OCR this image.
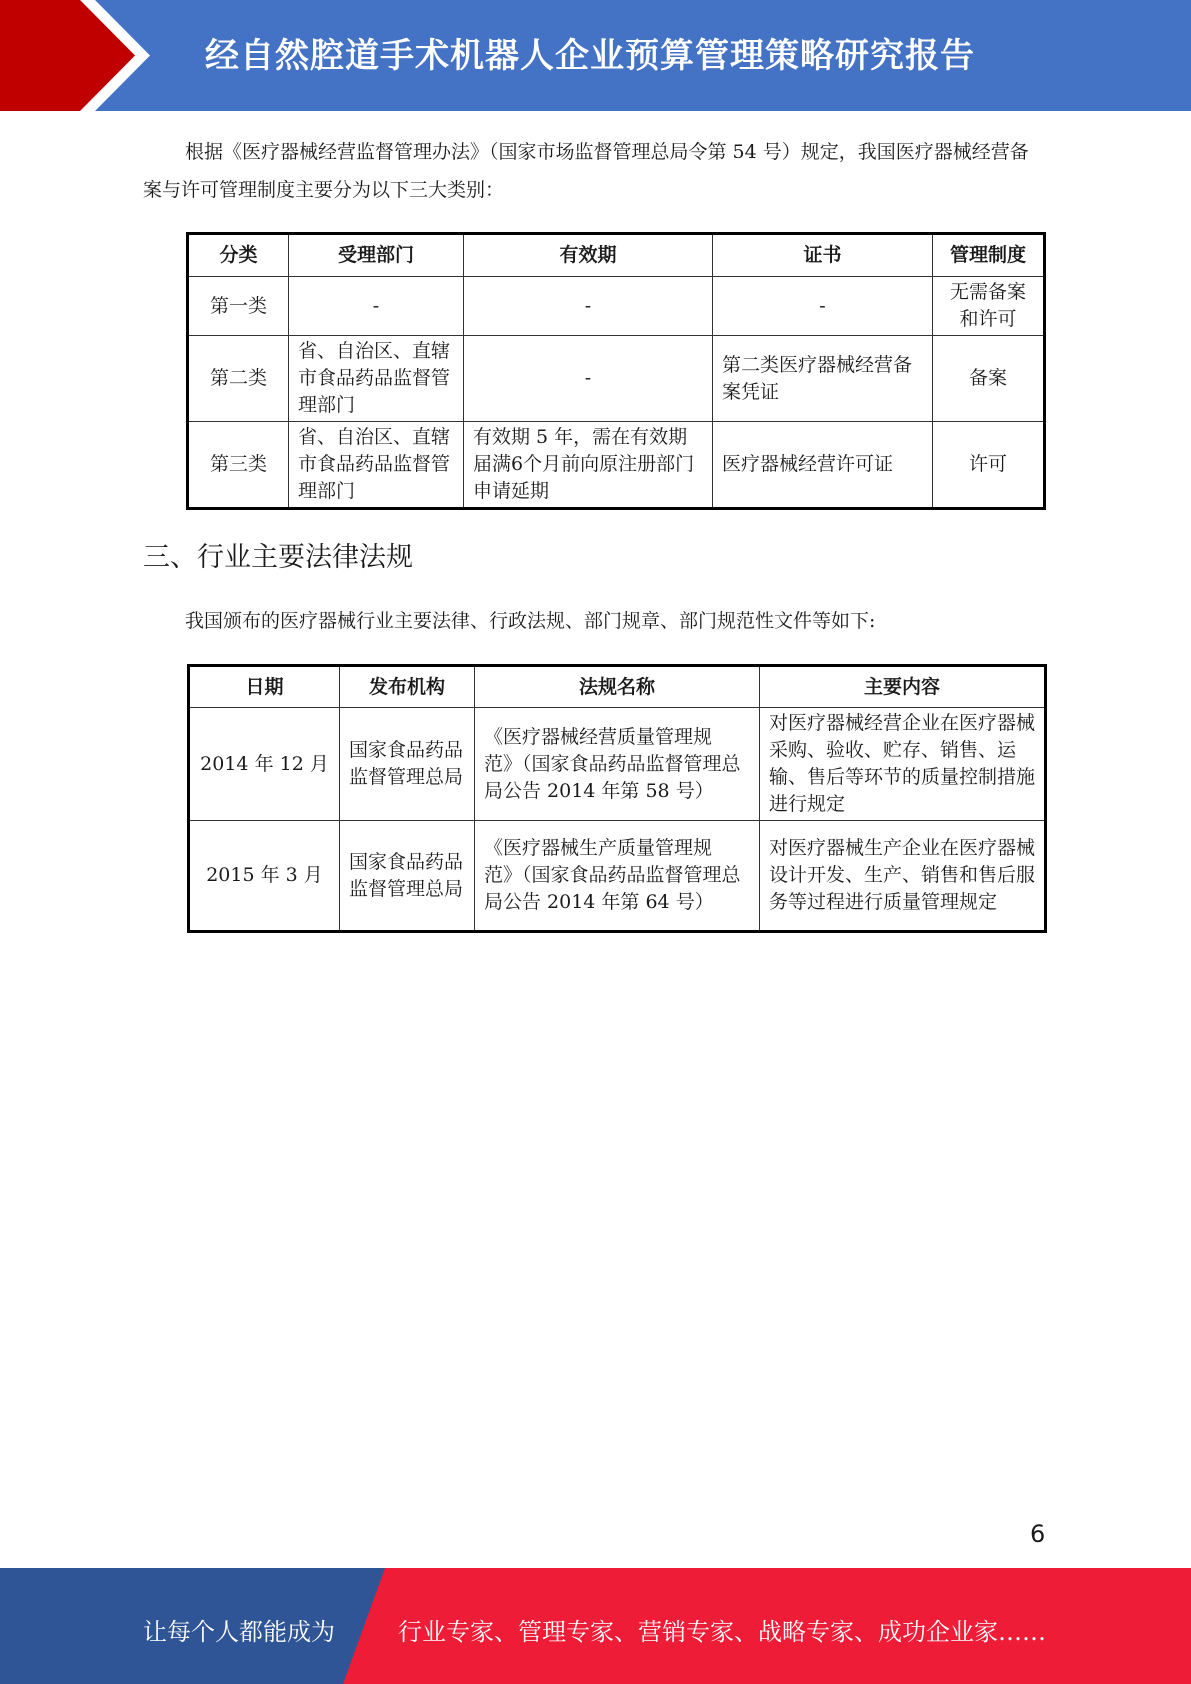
经自然腔道手术机器人企业预算管理策略研究报告
根据《医疗器械经营监督管理办法》（国家市场监督管理总局令第 54 号）规定，我国医疗器械经营备案与许可管理制度主要分为以下三大类别：
分类	受理部门	有效期	证书	管理制度
第一类	-	-	-	无需备案和许可
第二类	省、自治区、直辖市食品药品监督管理部门	-	第二类医疗器械经营备案凭证	备案
第三类	省、自治区、直辖市食品药品监督管理部门	有效期 5 年，需在有效期届满6个月前向原注册部门申请延期	医疗器械经营许可证	许可
三、行业主要法律法规
我国颁布的医疗器械行业主要法律、行政法规、部门规章、部门规范性文件等如下:
日期	发布机构	法规名称	主要内容
2014 年 12 月	国家食品药品监督管理总局	《医疗器械经营质量管理规范》（国家食品药品监督管理总局公告 2014 年第 58 号）	对医疗器械经营企业在医疗器械采购、验收、贮存、销售、运输、售后等环节的质量控制措施进行规定
2015 年 3 月	国家食品药品监督管理总局	《医疗器械生产质量管理规范》（国家食品药品监督管理总局公告 2014 年第 64 号）	对医疗器械生产企业在医疗器械设计开发、生产、销售和售后服务等过程进行质量管理规定
6
让每个人都能成为	行业专家、管理专家、营销专家、战略专家、成功企业家……
